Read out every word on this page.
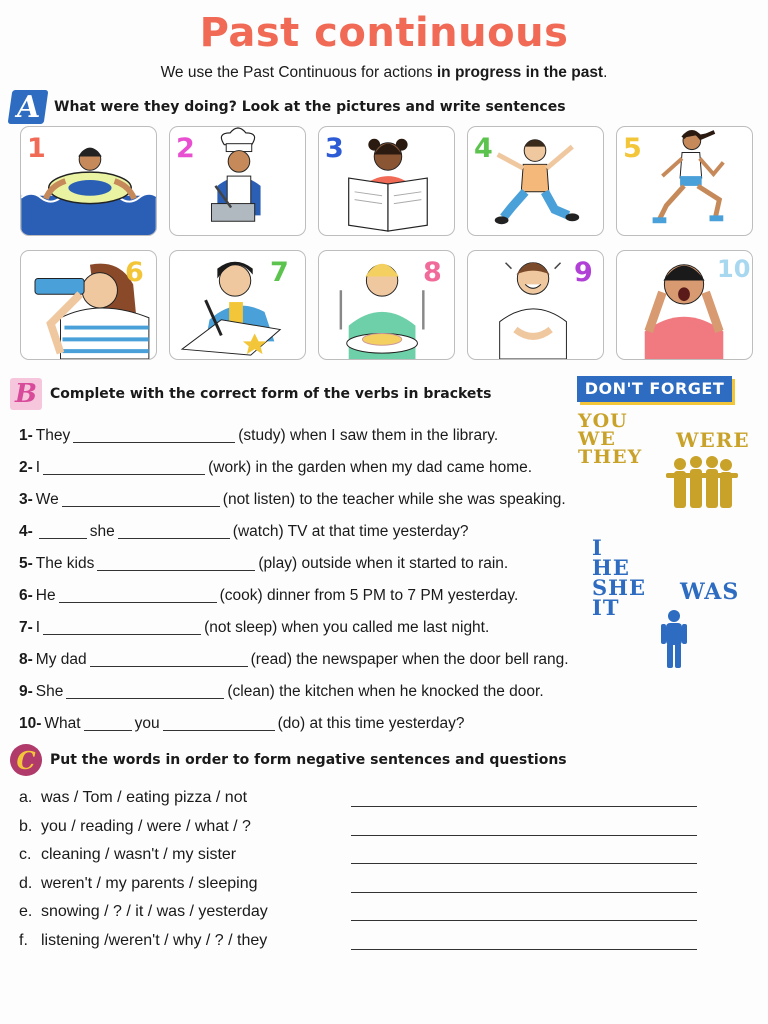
Past continuous
We use the Past Continuous for actions in progress in the past.
A What were they doing? Look at the pictures and write sentences
1	2	3	4	5
6	7	8	9	10
B Complete with the correct form of the verbs in brackets
1- They	(study) when I saw them in the library.
2- I	(work) in the garden when my dad came home.
3- We	(not listen) to the teacher while she was speaking.
4-	she	(watch) TV at that time yesterday?
5- The kids	(play) outside when it started to rain.
6- He	(cook) dinner from 5 PM to 7 PM yesterday.
7- I	(not sleep) when you called me last night.
8- My dad	(read) the newspaper when the door bell rang.
9- She	(clean) the kitchen when he knocked the door.
10- What	you	(do) at this time yesterday?
DON'T FORGET
YOU
WE
THEY
WERE
I
HE
SHE
IT
WAS
C Put the words in order to form negative sentences and questions
a. was / Tom / eating pizza / not
b. you / reading / were / what / ?
c. cleaning / wasn't / my sister
d. weren't / my parents / sleeping
e. snowing / ? / it / was / yesterday
f. listening /weren't / why / ? / they
